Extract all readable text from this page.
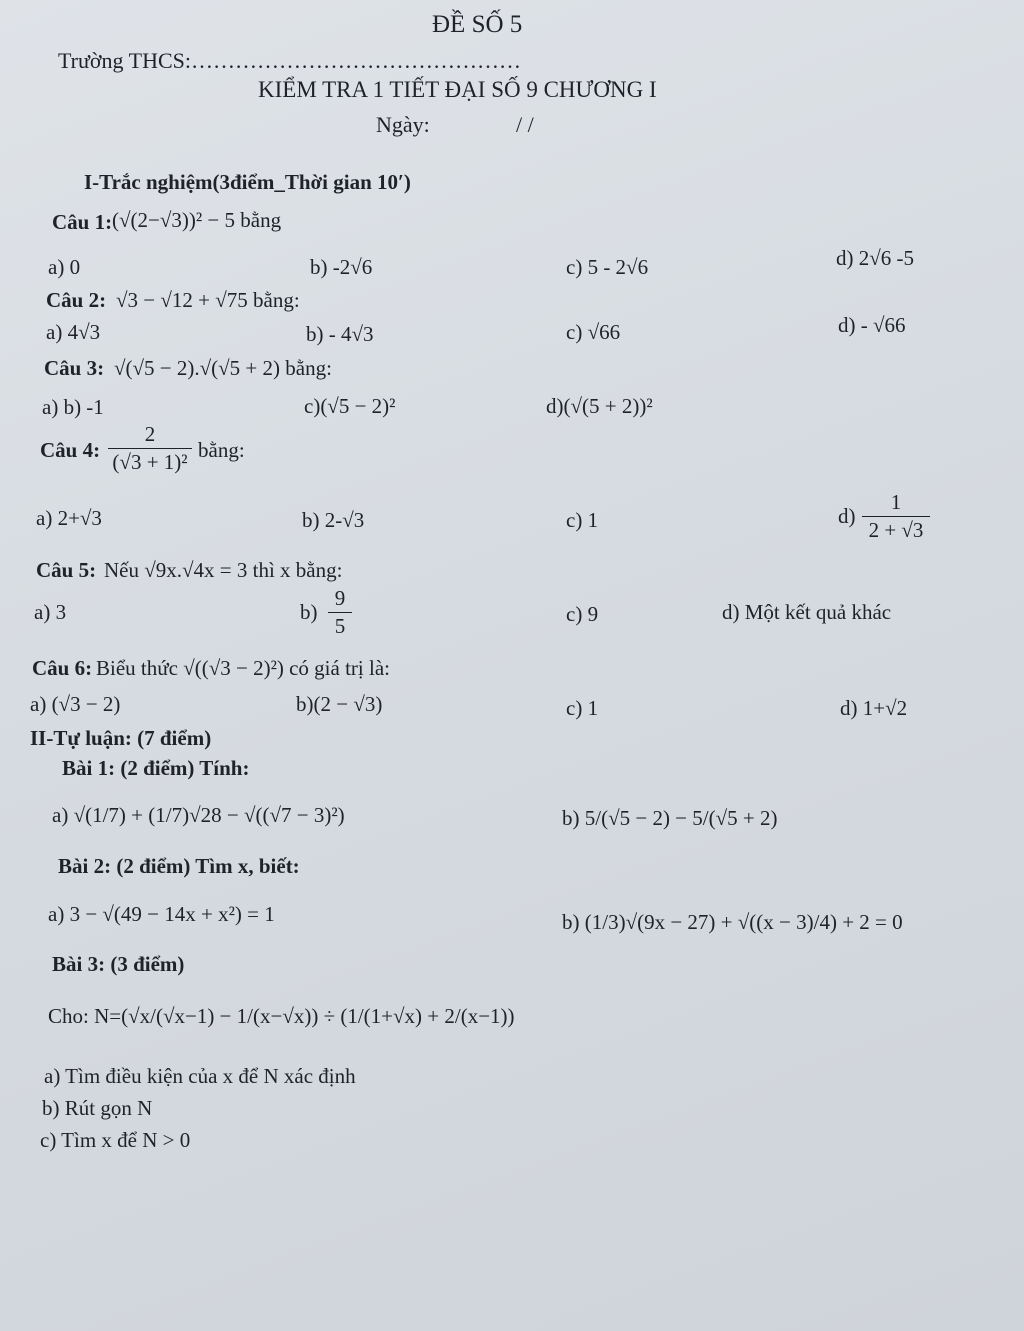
ĐỀ SỐ 5
Trường THCS:………………………………………
KIỂM TRA 1 TIẾT ĐẠI SỐ 9 CHƯƠNG I
Ngày:	/ /
I-Trắc nghiệm(3điểm_Thời gian 10′)
Câu 1: (√(2−√3))² − 5 bằng
a) 0	b) -2√6	c) 5 - 2√6	d) 2√6 -5
Câu 2: √3 − √12 + √75 bằng:
a) 4√3	b) - 4√3	c) √66	d) - √66
Câu 3: √(√5 − 2).√(√5 + 2) bằng:
a) b) -1	c)(√5 − 2)²	d)(√(5 + 2))²
Câu 4: $\frac{2}{\text{(√3 + 1)²}}$ bằng:
a) 2+√3	b) 2-√3	c) 1	$d) \frac{1}{2 + √3}$
Câu 5: Nếu √9x.√4x = 3 thì x bằng:
a) 3	$b) \frac{9}{5}$	c) 9	d) Một kết quả khác
Câu 6: Biểu thức √((√3 − 2)²) có giá trị là:
a) (√3 − 2)	b)(2 − √3)	c) 1	d) 1+√2
II-Tự luận: (7 điểm)
Bài 1: (2 điểm) Tính:
a) √(1/7) + (1/7)√28 − √((√7 − 3)²)	b) 5/(√5 − 2) − 5/(√5 + 2)
Bài 2: (2 điểm) Tìm x, biết:
a) 3 − √(49 − 14x + x²) = 1	b) (1/3)√(9x − 27) + √((x − 3)/4) + 2 = 0
Bài 3: (3 điểm)
Cho: N=(√x/(√x−1) − 1/(x−√x)) ÷ (1/(1+√x) + 2/(x−1))
a) Tìm điều kiện của x để N xác định
b) Rút gọn N
c) Tìm x để N > 0
